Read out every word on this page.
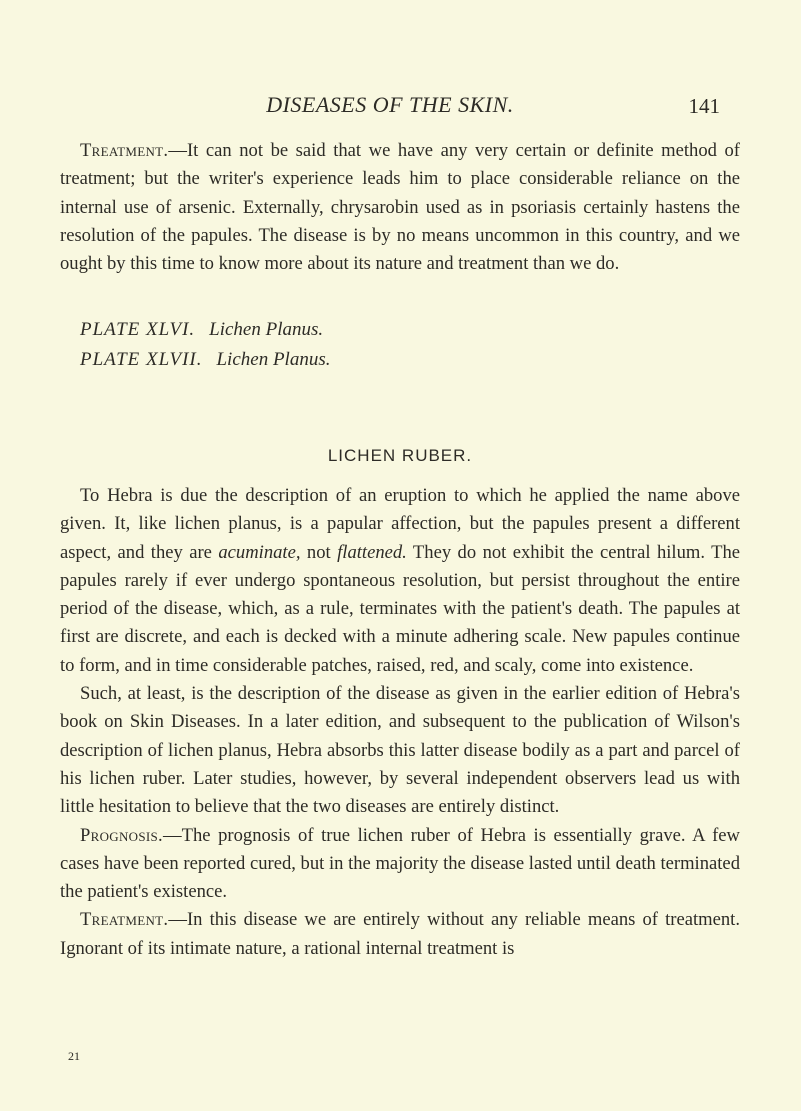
DISEASES OF THE SKIN.	141

Treatment.—It can not be said that we have any very certain or definite method of treatment; but the writer's experience leads him to place considerable reliance on the internal use of arsenic. Externally, chrysarobin used as in psoriasis certainly hastens the resolution of the papules. The disease is by no means uncommon in this country, and we ought by this time to know more about its nature and treatment than we do.

PLATE XLVI. Lichen Planus.
PLATE XLVII. Lichen Planus.
LICHEN RUBER.

To Hebra is due the description of an eruption to which he applied the name above given. It, like lichen planus, is a papular affection, but the papules present a different aspect, and they are acuminate, not flattened. They do not exhibit the central hilum. The papules rarely if ever undergo spontaneous resolution, but persist throughout the entire period of the disease, which, as a rule, terminates with the patient's death. The papules at first are discrete, and each is decked with a minute adhering scale. New papules continue to form, and in time considerable patches, raised, red, and scaly, come into existence.

Such, at least, is the description of the disease as given in the earlier edition of Hebra's book on Skin Diseases. In a later edition, and subsequent to the publication of Wilson's description of lichen planus, Hebra absorbs this latter disease bodily as a part and parcel of his lichen ruber. Later studies, however, by several independent observers lead us with little hesitation to believe that the two diseases are entirely distinct.

Prognosis.—The prognosis of true lichen ruber of Hebra is essentially grave. A few cases have been reported cured, but in the majority the disease lasted until death terminated the patient's existence.

Treatment.—In this disease we are entirely without any reliable means of treatment. Ignorant of its intimate nature, a rational internal treatment is

21
